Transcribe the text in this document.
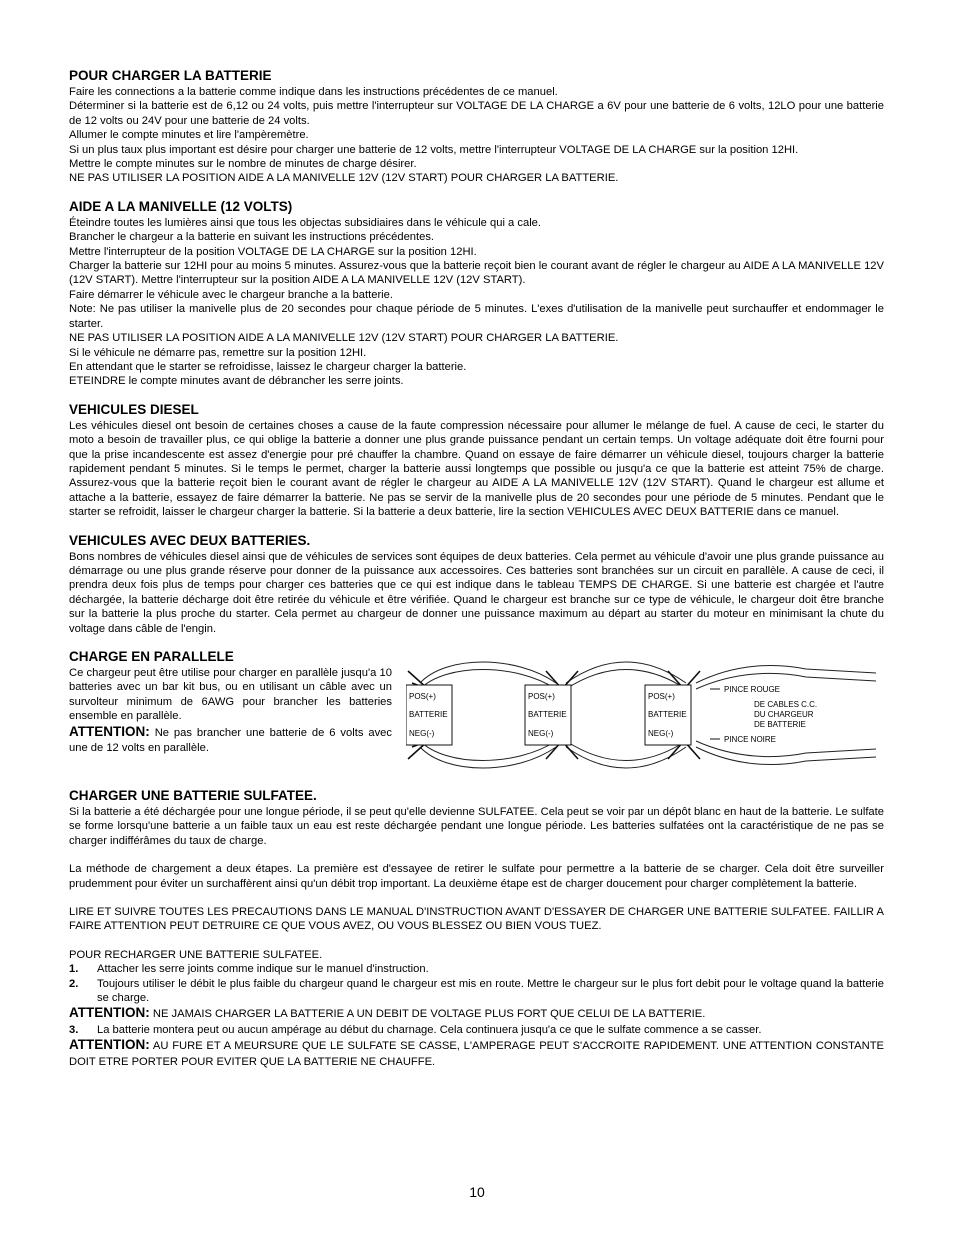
POUR CHARGER LA BATTERIE

Faire les connections a la batterie comme indique dans les instructions précédentes de ce manuel.

Déterminer si la batterie est de 6,12 ou 24 volts, puis mettre l'interrupteur sur VOLTAGE DE LA CHARGE a 6V pour une batterie de 6 volts, 12LO pour une batterie de 12 volts ou 24V pour une batterie de 24 volts.

Allumer le compte minutes et lire l'ampèremètre.

Si un plus taux plus important est désire pour charger une batterie de 12 volts, mettre l'interrupteur VOLTAGE DE LA CHARGE sur la position 12HI.

Mettre le compte minutes sur le nombre de minutes de charge désirer.

NE PAS UTILISER LA POSITION AIDE A LA MANIVELLE 12V (12V START) POUR CHARGER LA BATTERIE.

AIDE A LA MANIVELLE (12 VOLTS)

Éteindre toutes les lumières ainsi que tous les objectas subsidiaires dans le véhicule qui a cale.

Brancher le chargeur a la batterie en suivant les instructions précédentes.

Mettre l'interrupteur de la position VOLTAGE DE LA CHARGE sur la position 12HI.

Charger la batterie sur 12HI pour au moins 5 minutes. Assurez-vous que la batterie reçoit bien le courant avant de régler le chargeur au AIDE A LA MANIVELLE 12V (12V START). Mettre l'interrupteur sur la position AIDE A LA MANIVELLE 12V (12V START).

Faire démarrer le véhicule avec le chargeur branche a la batterie.

Note: Ne pas utiliser la manivelle plus de 20 secondes pour chaque période de 5 minutes. L'exes d'utilisation de la manivelle peut surchauffer et endommager le starter.

NE PAS UTILISER LA POSITION AIDE A LA MANIVELLE 12V (12V START) POUR CHARGER LA BATTERIE.

Si le véhicule ne démarre pas, remettre sur la position 12HI.

En attendant que le starter se refroidisse, laissez le chargeur charger la batterie.

ETEINDRE le compte minutes avant de débrancher les serre joints.

VEHICULES DIESEL

Les véhicules diesel ont besoin de certaines choses a cause de la faute compression nécessaire pour allumer le mélange de fuel. A cause de ceci, le starter du moto a besoin de travailler plus, ce qui oblige la batterie a donner une plus grande puissance pendant un certain temps. Un voltage adéquate doit être fourni pour que la prise incandescente est assez d'energie pour pré chauffer la chambre. Quand on essaye de faire démarrer un véhicule diesel, toujours charger la batterie rapidement pendant 5 minutes. Si le temps le permet, charger la batterie aussi longtemps que possible ou jusqu'a ce que la batterie est atteint 75% de charge. Assurez-vous que la batterie reçoit bien le courant avant de régler le chargeur au AIDE A LA MANIVELLE 12V (12V START). Quand le chargeur est allume et attache a la batterie, essayez de faire démarrer la batterie. Ne pas se servir de la manivelle plus de 20 secondes pour une période de 5 minutes. Pendant que le starter se refroidit, laisser le chargeur charger la batterie. Si la batterie a deux batterie, lire la section VEHICULES AVEC DEUX BATTERIE dans ce manuel.

VEHICULES AVEC DEUX BATTERIES.

Bons nombres de véhicules diesel ainsi que de véhicules de services sont équipes de deux batteries. Cela permet au véhicule d'avoir une plus grande puissance au démarrage ou une plus grande réserve pour donner de la puissance aux accessoires. Ces batteries sont branchées sur un circuit en parallèle. A cause de ceci, il prendra deux fois plus de temps pour charger ces batteries que ce qui est indique dans le tableau TEMPS DE CHARGE. Si une batterie est chargée et l'autre déchargée, la batterie décharge doit être retirée du véhicule et être vérifiée. Quand le chargeur est branche sur ce type de véhicule, le chargeur doit être branche sur la batterie la plus proche du starter. Cela permet au chargeur de donner une puissance maximum au départ au starter du moteur en minimisant la chute du voltage dans câble de l'engin.

CHARGE EN PARALLELE

Ce chargeur peut être utilise pour charger en parallèle jusqu'a 10 batteries avec un bar kit bus, ou en utilisant un câble avec un survolteur minimum de 6AWG pour brancher les batteries ensemble en parallèle.

ATTENTION: Ne pas brancher une batterie de 6 volts avec une de 12 volts en parallèle.

POS(+)
BATTERIE
NEG(-)
POS(+)
BATTERIE
NEG(-)
POS(+)
BATTERIE
NEG(-)
PINCE ROUGE
DE CABLES C.C.
DU CHARGEUR
DE BATTERIE
PINCE NOIRE
CHARGER UNE BATTERIE SULFATEE.

Si la batterie a été déchargée pour une longue période, il se peut qu'elle devienne SULFATEE. Cela peut se voir par un dépôt blanc en haut de la batterie. Le sulfate se forme lorsqu'une batterie a un faible taux un eau est reste déchargée pendant une longue période. Les batteries sulfatées ont la caractéristique de ne pas se charger indifférâmes du taux de charge.

La méthode de chargement a deux étapes. La première est d'essayee de retirer le sulfate pour permettre a la batterie de se charger. Cela doit être surveiller prudemment pour éviter un surchaffèrent ainsi qu'un débit trop important. La deuxième étape est de charger doucement pour charger complètement la batterie.

LIRE ET SUIVRE TOUTES LES PRECAUTIONS DANS LE MANUAL D'INSTRUCTION AVANT D'ESSAYER DE CHARGER UNE BATTERIE SULFATEE. FAILLIR A FAIRE ATTENTION PEUT DETRUIRE CE QUE VOUS AVEZ, OU VOUS BLESSEZ OU BIEN VOUS TUEZ.

POUR RECHARGER UNE BATTERIE SULFATEE.

1.	Attacher les serre joints comme indique sur le manuel d'instruction.
2.	Toujours utiliser le débit le plus faible du chargeur quand le chargeur est mis en route. Mettre le chargeur sur le plus fort debit pour le voltage quand la batterie se charge.

ATTENTION: NE JAMAIS CHARGER LA BATTERIE A UN DEBIT DE VOLTAGE PLUS FORT QUE CELUI DE LA BATTERIE.

3.	La batterie montera peut ou aucun ampérage au début du charnage. Cela continuera jusqu'a ce que le sulfate commence a se casser.

ATTENTION: AU FURE ET A MEURSURE QUE LE SULFATE SE CASSE, L'AMPERAGE PEUT S'ACCROITE RAPIDEMENT. UNE ATTENTION CONSTANTE DOIT ETRE PORTER POUR EVITER QUE LA BATTERIE NE CHAUFFE.

10
